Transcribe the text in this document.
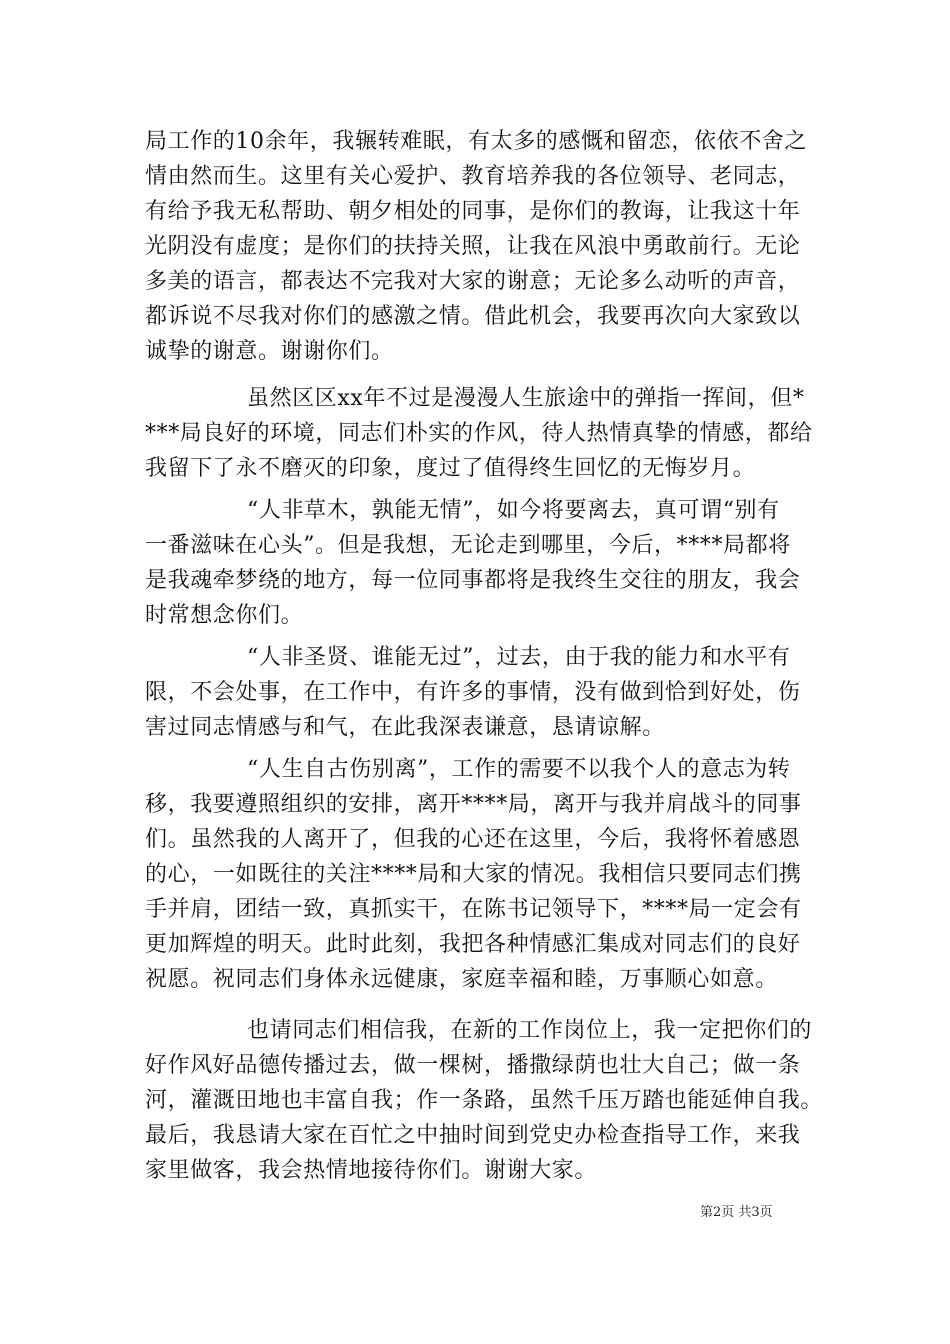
局工作的10余年，我辗转难眠，有太多的感慨和留恋，依依不舍之
情由然而生。这里有关心爱护、教育培养我的各位领导、老同志，
有给予我无私帮助、朝夕相处的同事，是你们的教诲，让我这十年
光阴没有虚度；是你们的扶持关照，让我在风浪中勇敢前行。无论
多美的语言，都表达不完我对大家的谢意；无论多么动听的声音，
都诉说不尽我对你们的感激之情。借此机会，我要再次向大家致以
诚挚的谢意。谢谢你们。
虽然区区xx年不过是漫漫人生旅途中的弹指一挥间，但*
***局良好的环境，同志们朴实的作风，待人热情真挚的情感，都给
我留下了永不磨灭的印象，度过了值得终生回忆的无悔岁月。
“人非草木，孰能无情”，如今将要离去，真可谓“别有
一番滋味在心头”。但是我想，无论走到哪里，今后，****局都将
是我魂牵梦绕的地方，每一位同事都将是我终生交往的朋友，我会
时常想念你们。
“人非圣贤、谁能无过”，过去，由于我的能力和水平有
限，不会处事，在工作中，有许多的事情，没有做到恰到好处，伤
害过同志情感与和气，在此我深表谦意，恳请谅解。
“人生自古伤别离”，工作的需要不以我个人的意志为转
移，我要遵照组织的安排，离开****局，离开与我并肩战斗的同事
们。虽然我的人离开了，但我的心还在这里，今后，我将怀着感恩
的心，一如既往的关注****局和大家的情况。我相信只要同志们携
手并肩，团结一致，真抓实干，在陈书记领导下，****局一定会有
更加辉煌的明天。此时此刻，我把各种情感汇集成对同志们的良好
祝愿。祝同志们身体永远健康，家庭幸福和睦，万事顺心如意。
也请同志们相信我，在新的工作岗位上，我一定把你们的
好作风好品德传播过去，做一棵树，播撒绿荫也壮大自己；做一条
河，灌溉田地也丰富自我；作一条路，虽然千压万踏也能延伸自我。
最后，我恳请大家在百忙之中抽时间到党史办检查指导工作，来我
家里做客，我会热情地接待你们。谢谢大家。
第2页 共3页
